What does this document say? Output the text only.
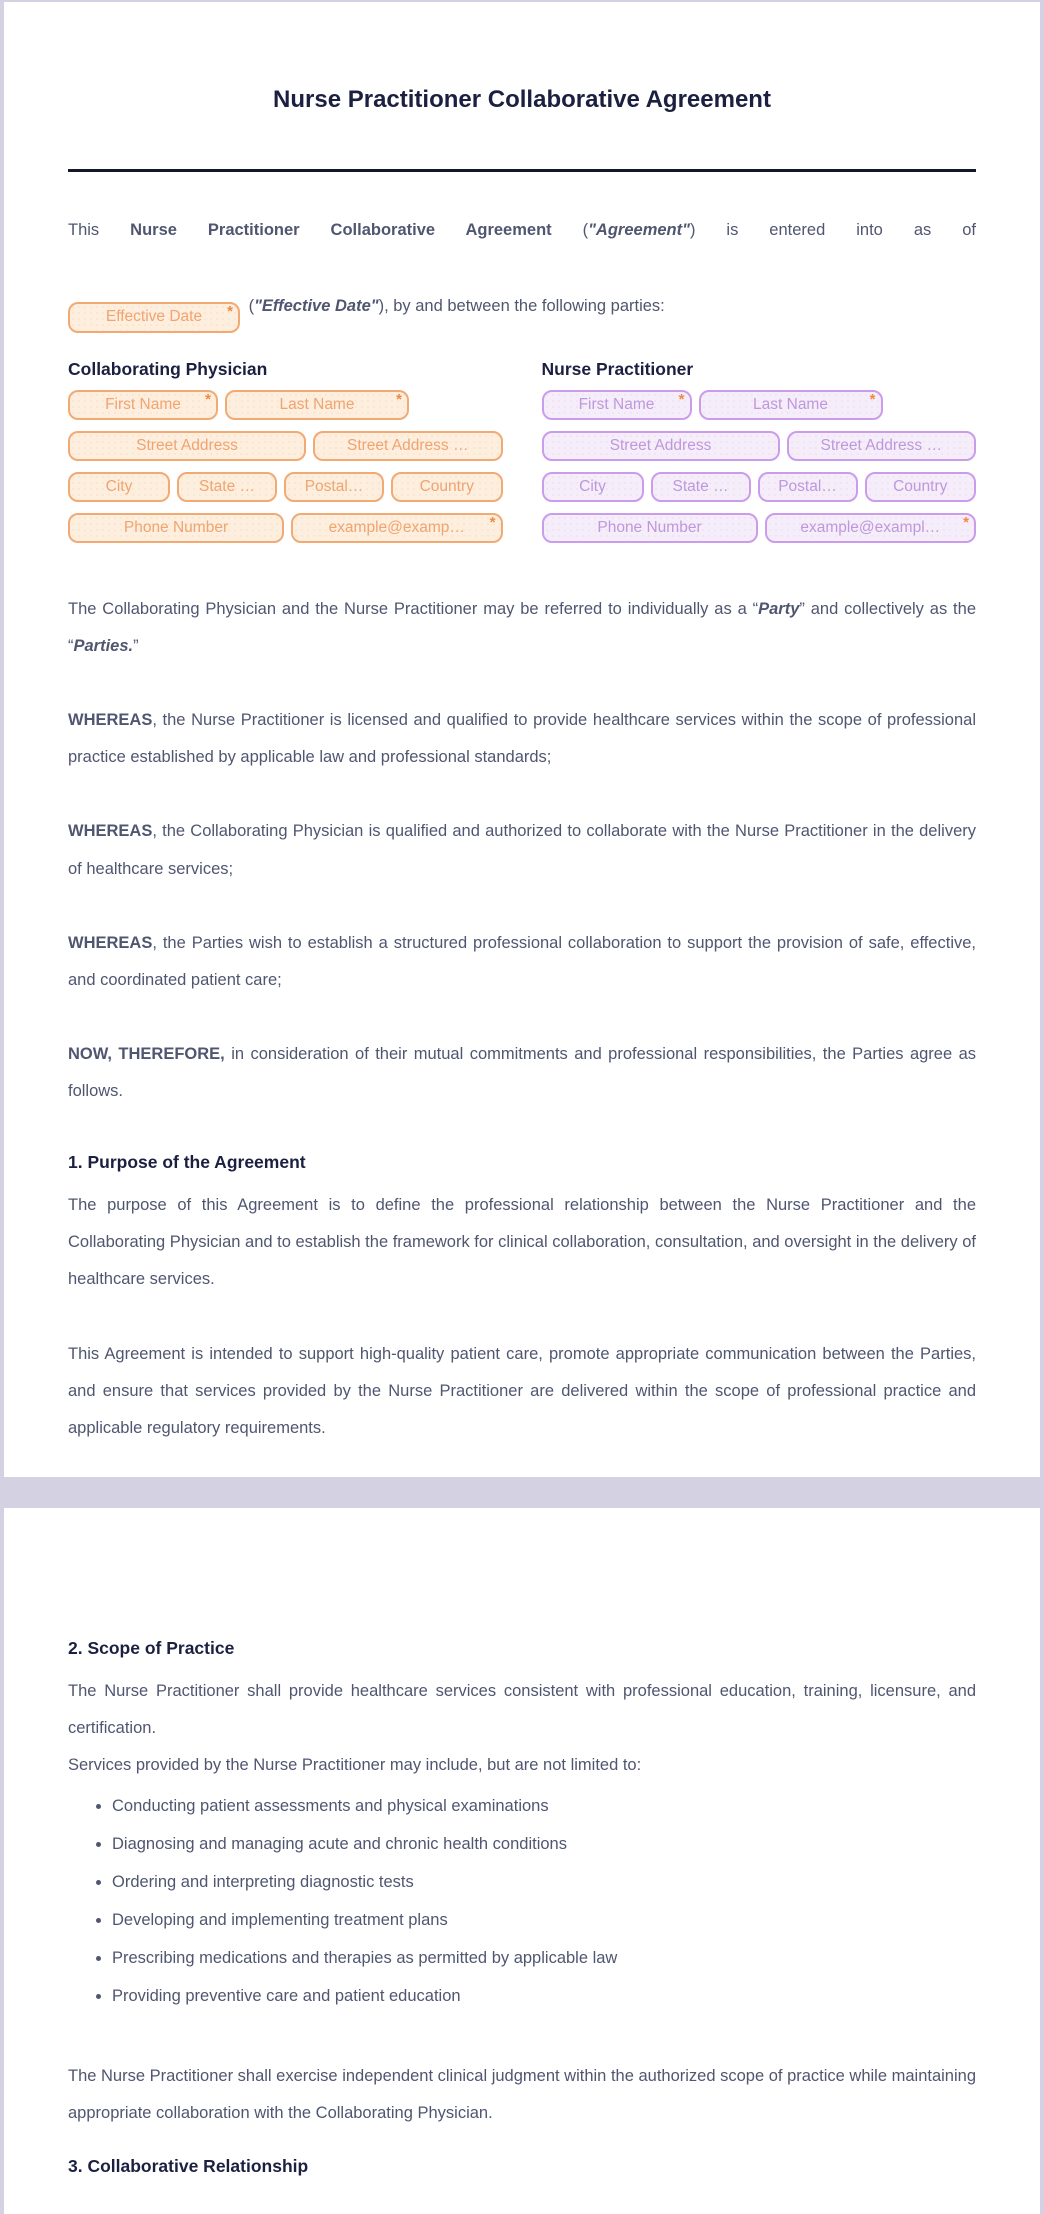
Nurse Practitioner Collaborative Agreement
This Nurse Practitioner Collaborative Agreement ("Agreement") is entered into as of
Effective Date	* ("Effective Date"), by and between the following parties:
Collaborating Physician
First Name	*	Last Name	*
Street Address	Street Address …
City	State …	Postal…	Country
Phone Number	example@examp…	*
Nurse Practitioner
First Name	*	Last Name	*
Street Address	Street Address …
City	State …	Postal…	Country
Phone Number	example@exampl…	*

The Collaborating Physician and the Nurse Practitioner may be referred to individually as a “Party” and collectively as the “Parties.”

WHEREAS, the Nurse Practitioner is licensed and qualified to provide healthcare services within the scope of professional practice established by applicable law and professional standards;

WHEREAS, the Collaborating Physician is qualified and authorized to collaborate with the Nurse Practitioner in the delivery of healthcare services;

WHEREAS, the Parties wish to establish a structured professional collaboration to support the provision of safe, effective, and coordinated patient care;

NOW, THEREFORE, in consideration of their mutual commitments and professional responsibilities, the Parties agree as follows.

1. Purpose of the Agreement

The purpose of this Agreement is to define the professional relationship between the Nurse Practitioner and the Collaborating Physician and to establish the framework for clinical collaboration, consultation, and oversight in the delivery of healthcare services.

This Agreement is intended to support high-quality patient care, promote appropriate communication between the Parties, and ensure that services provided by the Nurse Practitioner are delivered within the scope of professional practice and applicable regulatory requirements.

2. Scope of Practice

The Nurse Practitioner shall provide healthcare services consistent with professional education, training, licensure, and certification.

Services provided by the Nurse Practitioner may include, but are not limited to:

• Conducting patient assessments and physical examinations
• Diagnosing and managing acute and chronic health conditions
• Ordering and interpreting diagnostic tests
• Developing and implementing treatment plans
• Prescribing medications and therapies as permitted by applicable law
• Providing preventive care and patient education

The Nurse Practitioner shall exercise independent clinical judgment within the authorized scope of practice while maintaining appropriate collaboration with the Collaborating Physician.

3. Collaborative Relationship
